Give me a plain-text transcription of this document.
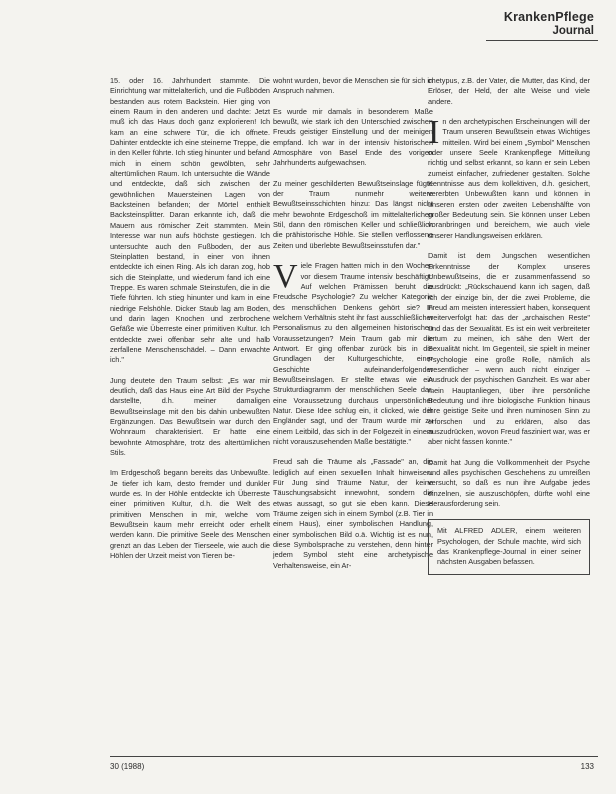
KrankenPflege
Journal

15. oder 16. Jahrhundert stammte. Die Einrichtung war mittelalterlich, und die Fußböden bestanden aus rotem Backstein. Hier ging von einem Raum in den anderen und dachte: Jetzt muß ich das Haus doch ganz explorieren! Ich kam an eine schwere Tür, die ich öffnete. Dahinter entdeckte ich eine steinerne Treppe, die in den Keller führte. Ich stieg hinunter und befand mich in einem schön gewölbten, sehr altertümlichen Raum. Ich untersuchte die Wände und entdeckte, daß sich zwischen der gewöhnlichen Mauersteinen Lagen von Backsteinen befanden; der Mörtel enthielt Backsteinsplitter. Daran erkannte ich, daß die Mauern aus römischer Zeit stammten. Mein Interesse war nun aufs höchste gestiegen. Ich untersuchte auch den Fußboden, der aus Steinplatten bestand, in einer von ihnen entdeckte ich einen Ring. Als ich daran zog, hob sich die Steinplatte, und wiederum fand ich eine Treppe. Es waren schmale Steinstufen, die in die Tiefe führten. Ich stieg hinunter und kam in eine niedrige Felshöhle. Dicker Staub lag am Boden, und darin lagen Knochen und zerbrochene Gefäße wie Überreste einer primitiven Kultur. Ich entdeckte zwei offenbar sehr alte und halb zerfallene Menschenschädel. – Dann erwachte ich."

Jung deutete den Traum selbst: „Es war mir deutlich, daß das Haus eine Art Bild der Psyche darstellte, d.h. meiner damaligen Bewußtseinslage mit den bis dahin unbewußten Ergänzungen. Das Bewußtsein war durch den Wohnraum charakterisiert. Er hatte eine bewohnte Atmosphäre, trotz des altertümlichen Stils.

Im Erdgeschoß begann bereits das Unbewußte. Je tiefer ich kam, desto fremder und dunkler wurde es. In der Höhle entdeckte ich Überreste einer primitiven Kultur, d.h. die Welt des primitiven Menschen in mir, welche vom Bewußtsein kaum mehr erreicht oder erhellt werden kann. Die primitive Seele des Menschen grenzt an das Leben der Tierseele, wie auch die Höhlen der Urzeit meist von Tieren be-

wohnt wurden, bevor die Menschen sie für sich in Anspruch nahmen.

Es wurde mir damals in besonderem Maße bewußt, wie stark ich den Unterschied zwischen Freuds geistiger Einstellung und der meinigen empfand. Ich war in der intensiv historischen Atmosphäre von Basel Ende des vorigen Jahrhunderts aufgewachsen.

Zu meiner geschilderten Bewußtseinslage fügte der Traum nunmehr weitere Bewußtseinsschichten hinzu: Das längst nicht mehr bewohnte Erdgeschoß im mittelalterlichen Stil, dann den römischen Keller und schließlich die prähistorische Höhle. Sie stellen verflossene Zeiten und überlebte Bewußtseinsstufen dar."

Viele Fragen hatten mich in den Wochen vor diesem Traume intensiv beschäftigt: Auf welchen Prämissen beruht die Freudsche Psychologie? Zu welcher Kategorie des menschlichen Denkens gehört sie? In welchem Verhältnis steht ihr fast ausschließlicher Personalismus zu den allgemeinen historischen Voraussetzungen? Mein Traum gab mir die Antwort. Er ging offenbar zurück bis in die Grundlagen der Kulturgeschichte, einer Geschichte aufeinanderfolgender Bewußtseinslagen. Er stellte etwas wie ein Strukturdiagramm der menschlichen Seele dar, eine Voraussetzung durchaus unpersönlicher Natur. Diese Idee schlug ein, it clicked, wie der Engländer sagt, und der Traum wurde mir zu einem Leitbild, das sich in der Folgezeit in einem nicht vorauszusehenden Maße bestätigte."

Freud sah die Träume als „Fassade" an, die lediglich auf einen sexuellen Inhalt hinweisen. Für Jung sind Träume Natur, der keine Täuschungsabsicht innewohnt, sondern die etwas aussagt, so gut sie eben kann. Diese Träume zeigen sich in einem Symbol (z.B. Tier in einem Haus), einer symbolischen Handlung, einer symbolischen Bild o.ä. Wichtig ist es nun, diese Symbolsprache zu verstehen, denn hinter jedem Symbol steht eine archetypische Verhaltensweise, ein Ar-

chetypus, z.B. der Vater, die Mutter, das Kind, der Erlöser, der Held, der alte Weise und viele andere.

In den archetypischen Erscheinungen will der Traum unseren Bewußtsein etwas Wichtiges mitteilen. Wird bei einem „Symbol" Menschen oder unsere Seele Krankenpflege Mitteilung richtig und selbst erkannt, so kann er sein Leben zumeist einfacher, zufriedener gestalten. Solche Kenntnisse aus dem kollektiven, d.h. gesichert, vererbten Unbewußten kann und können in unseren ersten oder zweiten Lebenshälfte von großer Bedeutung sein. Sie können unser Leben voranbringen und bereichern, wie auch viele unserer Handlungsweisen erklären.

Damit ist dem Jungschen wesentlichen Erkenntnisse der Komplex unseres Unbewußtseins, die er zusammenfassend so ausdrückt: „Rückschauend kann ich sagen, daß ich der einzige bin, der die zwei Probleme, die Freud am meisten interessiert haben, konsequent weiterverfolgt hat: das der „archaischen Reste" und das der Sexualität. Es ist ein weit verbreiteter Irrtum zu meinen, ich sähe den Wert der Sexualität nicht. Im Gegenteil, sie spielt in meiner Psychologie eine große Rolle, nämlich als wesentlicher – wenn auch nicht einziger – Ausdruck der psychischen Ganzheit. Es war aber mein Hauptanliegen, über ihre persönliche Bedeutung und ihre biologische Funktion hinaus ihre geistige Seite und ihren numinosen Sinn zu erforschen und zu erklären, also das auszudrücken, wovon Freud fasziniert war, was er aber nicht fassen konnte."

Damit hat Jung die Vollkommenheit der Psyche und alles psychischen Geschehens zu umreißen versucht, so daß es nun ihre Aufgabe jedes einzelnen, sie auszuschöpfen, dürfte wohl eine Herausforderung sein.

Mit ALFRED ADLER, einem weiteren Psychologen, der Schule machte, wird sich das Krankenpflege-Journal in einer seiner nächsten Ausgaben befassen.
30 (1988)	133
